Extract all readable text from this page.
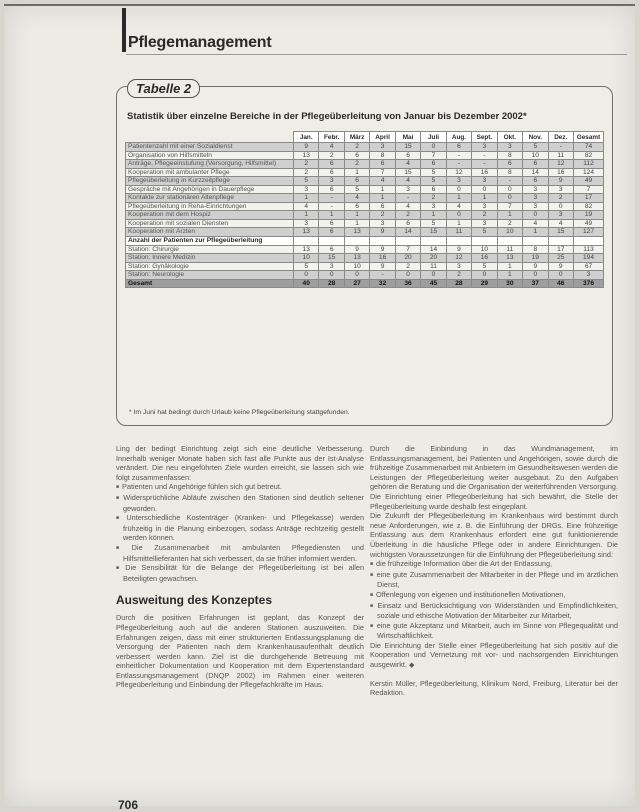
Pflegemanagement
Tabelle 2
Statistik über einzelne Bereiche in der Pflegeüberleitung von Januar bis Dezember 2002*
	Jan.	Febr.	März	April	Mai	Juli	Aug.	Sept.	Okt.	Nov.	Dez.	Gesamt
Patientenzahl mit einer Sozialdienst	9	4	2	3	15	0	6	3	3	5	-	74
Organisation von Hilfsmitteln	13	2	6	8	6	7	-	-	8	10	11	82
Anträge, Pflegeeinstufung (Versorgung, Hilfsmittel)	2	6	2	6	4	6	-	-	6	6	12	112
Kooperation mit ambulanter Pflege	2	6	1	7	15	5	12	16	8	14	16	124
Pflegeüberleitung in Kurzzeitpflege	5	3	6	4	4	5	3	3	-	6	9	49
Gespräche mit Angehörigen in Dauerpflege	3	6	5	1	3	6	0	0	0	3	3	7
Kontakte zur stationären Altenpflege	1	-	4	1	-	2	1	1	0	3	2	17
Pflegeüberleitung in Reha-Einrichtungen	4	-	6	6	4	3	4	3	7	3	0	82
Kooperation mit dem Hospiz	1	1	1	2	2	1	0	2	1	0	3	19
Kooperation mit sozialen Diensten	3	6	1	3	6	5	1	3	2	4	4	49
Kooperation mit Ärzten	13	6	13	9	14	15	11	5	10	1	15	127
Anzahl der Patienten zur Pflegeüberleitung												
Station: Chirurgie	13	6	9	9	7	14	9	10	11	8	17	113
Station: Innere Medizin	10	15	13	16	20	20	12	16	13	19	25	194
Station: Gynäkologie	5	3	10	9	2	11	3	5	1	9	9	67
Station: Neurologie	0	0	0	-	0	0	2	0	1	0	0	3
Gesamt	40	28	27	32	36	45	28	29	30	37	46	376
* Im Juni hat bedingt durch Urlaub keine Pflegeüberleitung stattgefunden.

Ling der bedingt Einrichtung zeigt sich eine deutliche Verbesserung. Innerhalb weniger Monate haben sich fast alle Punkte aus der Ist-Analyse verändert. Die neu eingeführten Ziele wurden erreicht, sie lassen sich wie folgt zusammenfassen:

■ Patienten und Angehörige fühlen sich gut betreut.

■ Widersprüchliche Abläufe zwischen den Stationen sind deutlich seltener geworden.

■ Unterschiedliche Kostenträger (Kranken- und Pflegekasse) werden frühzeitig in die Planung einbezogen, sodass Anträge rechtzeitig gestellt werden können.

■ Die Zusammenarbeit mit ambulanten Pflegediensten und Hilfsmittellieferanten hat sich verbessert, da sie früher informiert werden.

■ Die Sensibilität für die Belange der Pflegeüberleitung ist bei allen Beteiligten gewachsen.

Ausweitung des Konzeptes

Durch die positiven Erfahrungen ist geplant, das Konzept der Pflegeüberleitung auch auf die anderen Stationen auszuweiten. Die Erfahrungen zeigen, dass mit einer strukturierten Entlassungsplanung die Versorgung der Patienten nach dem Krankenhausaufenthalt deutlich verbessert werden kann. Ziel ist die durchgehende Betreuung mit einheitlicher Dokumentation und Kooperation mit dem Expertenstandard Entlassungsmanagement (DNQP 2002) im Rahmen einer weiteren Pflegeüberleitung und Einbindung der Pflegefachkräfte im Haus.

Durch die Einbindung in das Wundmanagement, im Entlassungsmanagement, bei Patienten und Angehörigen, sowie durch die frühzeitige Zusammenarbeit mit Anbietern im Gesundheitswesen werden die Leistungen der Pflegeüberleitung weiter ausgebaut. Zu den Aufgaben gehören die Beratung und die Organisation der weiterführenden Versorgung. Die Einrichtung einer Pflegeüberleitung hat sich bewährt, die Stelle der Pflegeüberleitung wurde deshalb fest eingeplant.

Die Zukunft der Pflegeüberleitung im Krankenhaus wird bestimmt durch neue Anforderungen, wie z. B. die Einführung der DRGs. Eine frühzeitige Entlassung aus dem Krankenhaus erfordert eine gut funktionierende Überleitung in die häusliche Pflege oder in andere Einrichtungen. Die wichtigsten Voraussetzungen für die Einführung der Pflegeüberleitung sind:

■ die frühzeitige Information über die Art der Entlassung,

■ eine gute Zusammenarbeit der Mitarbeiter in der Pflege und im ärztlichen Dienst,

■ Offenlegung von eigenen und institutionellen Motivationen,

■ Einsatz und Berücksichtigung von Widerständen und Empfindlichkeiten, soziale und ethische Motivation der Mitarbeiter zur Mitarbeit,

■ eine gute Akzeptanz und Mitarbeit, auch im Sinne von Pflegequalität und Wirtschaftlichkeit.

Die Einrichtung der Stelle einer Pflegeüberleitung hat sich positiv auf die Kooperation und Vernetzung mit vor- und nachsorgenden Einrichtungen ausgewirkt. ◆

Kerstin Müller, Pflegeüberleitung, Klinikum Nord, Freiburg, Literatur bei der Redaktion.

706
